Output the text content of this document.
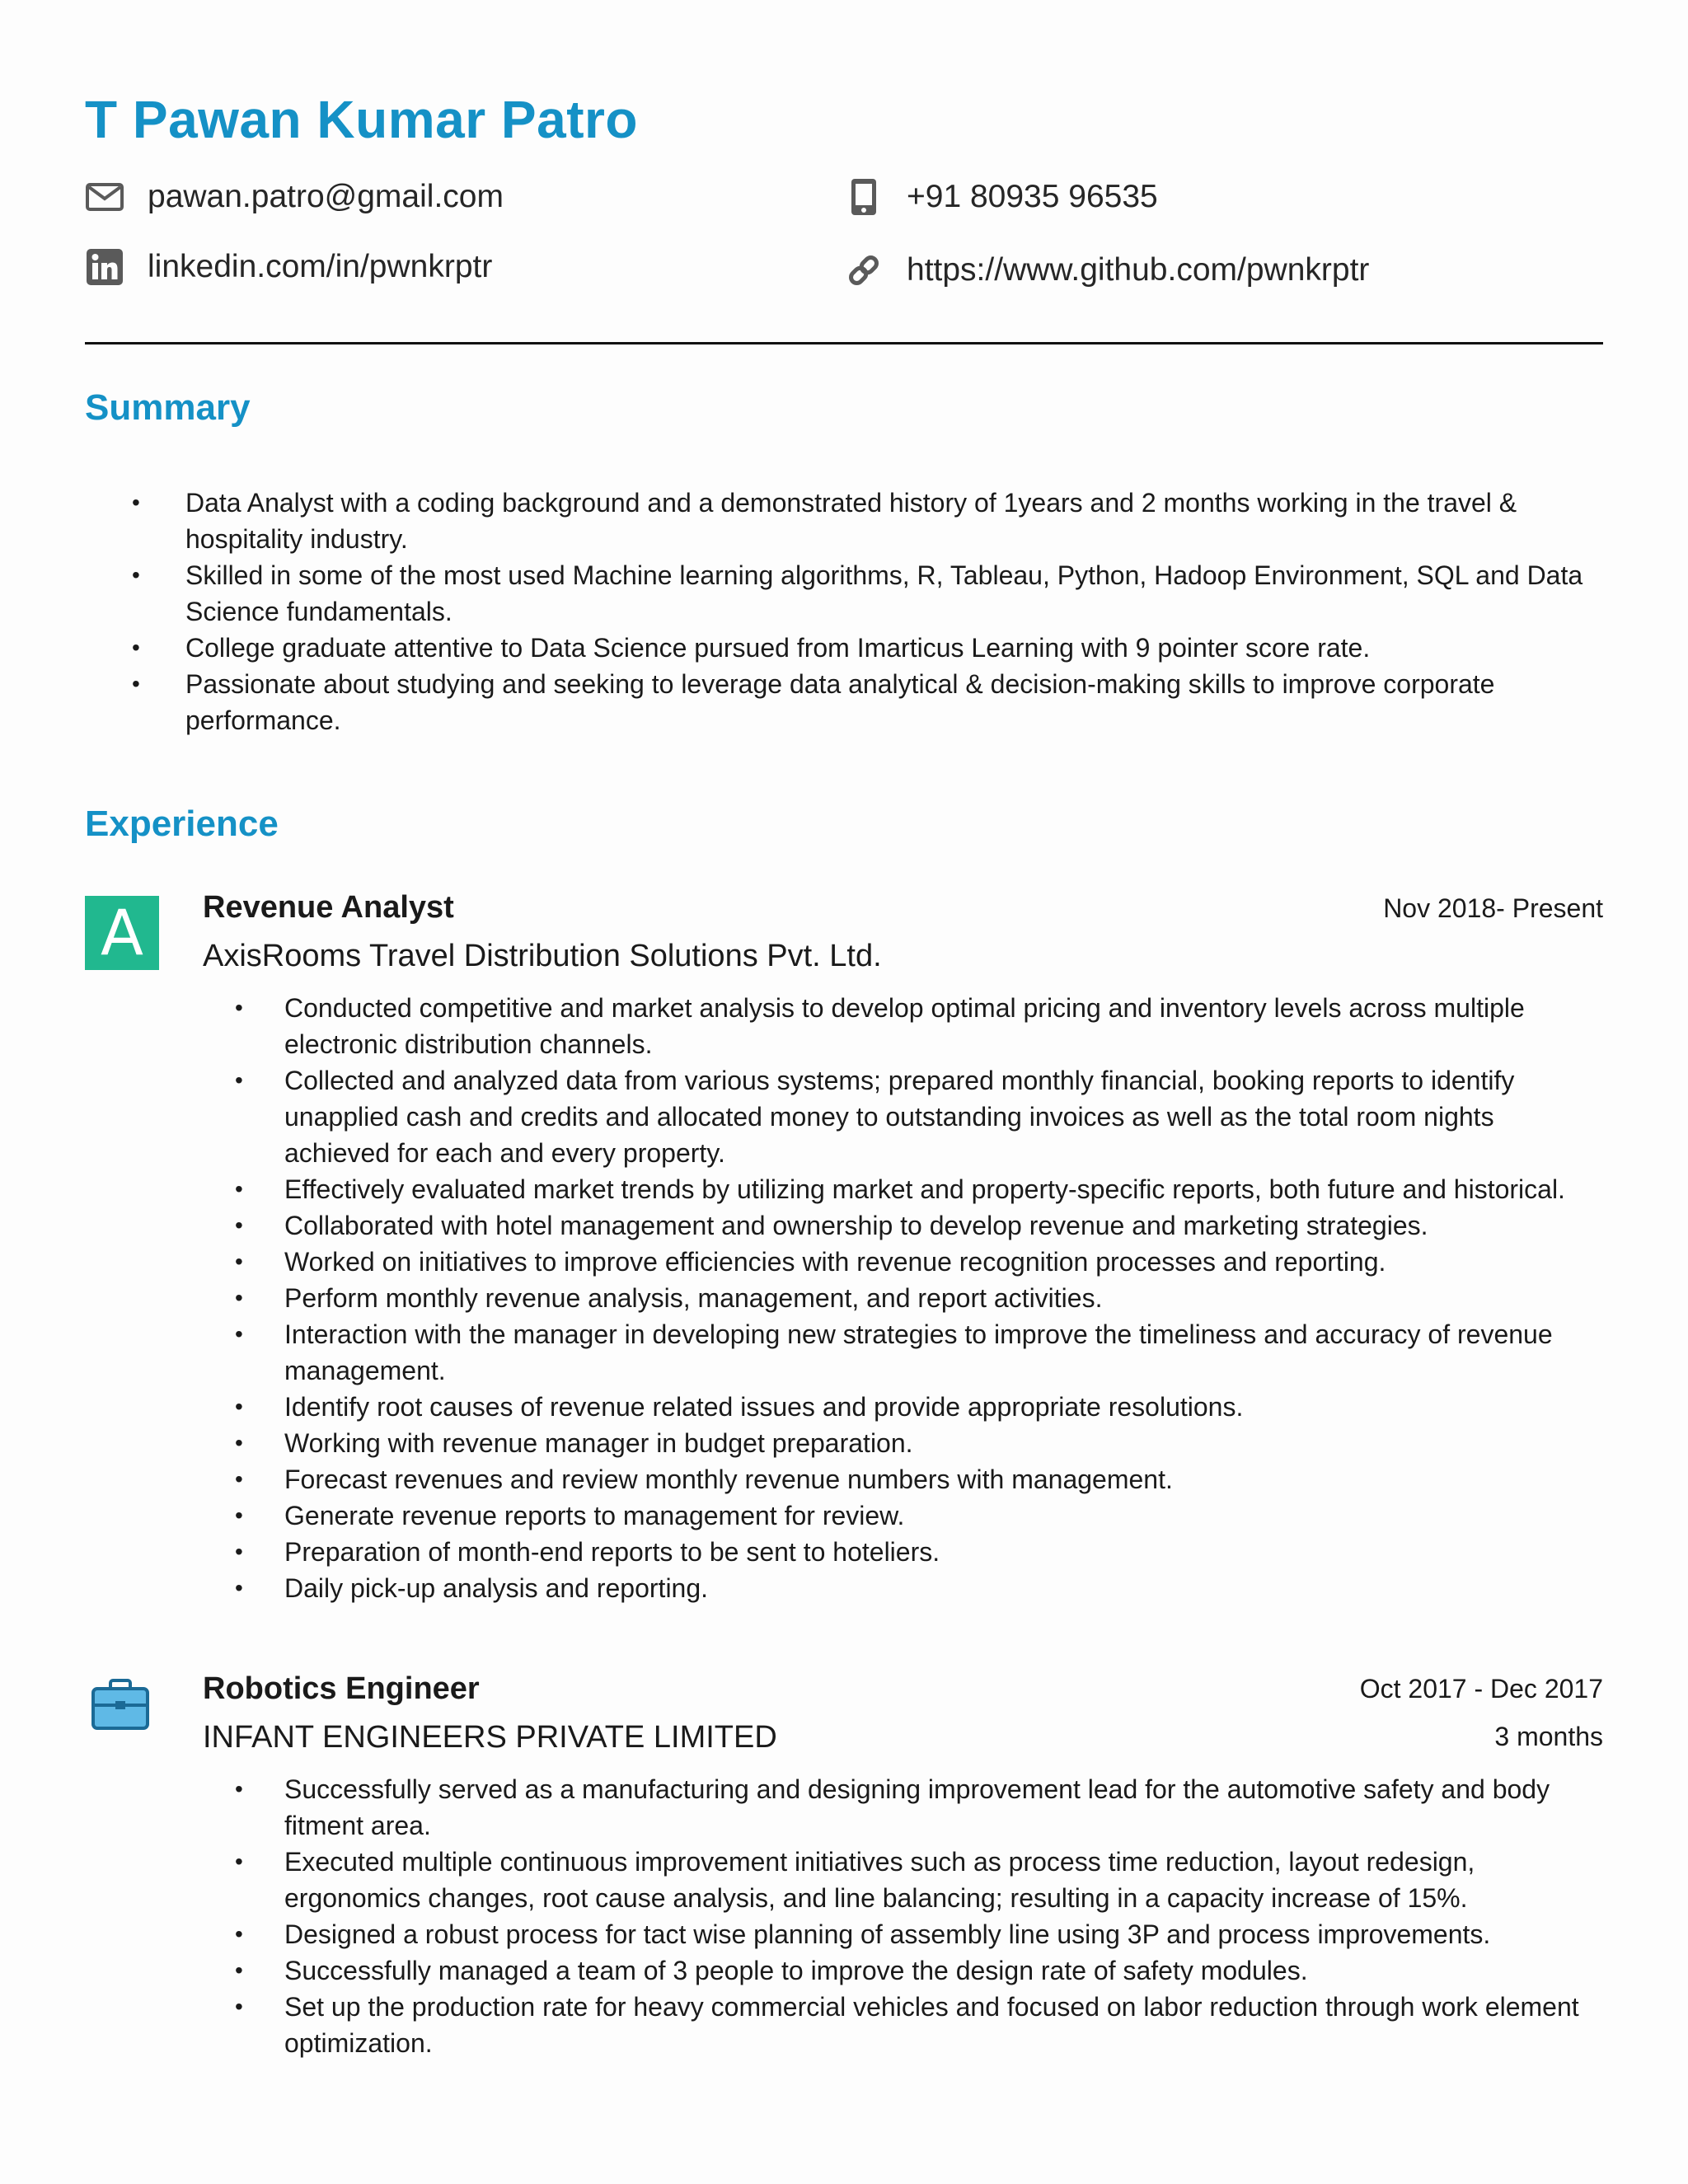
T Pawan Kumar Patro
pawan.patro@gmail.com	+91 80935 96535
linkedin.com/in/pwnkrptr	https://www.github.com/pwnkrptr
Summary
• Data Analyst with a coding background and a demonstrated history of 1years and 2 months working in the travel & hospitality industry.
• Skilled in some of the most used Machine learning algorithms, R, Tableau, Python, Hadoop Environment, SQL and Data Science fundamentals.
• College graduate attentive to Data Science pursued from Imarticus Learning with 9 pointer score rate.
• Passionate about studying and seeking to leverage data analytical & decision-making skills to improve corporate performance.
Experience
A	Revenue Analyst	Nov 2018- Present

AxisRooms Travel Distribution Solutions Pvt. Ltd.

• Conducted competitive and market analysis to develop optimal pricing and inventory levels across multiple electronic distribution channels.
• Collected and analyzed data from various systems; prepared monthly financial, booking reports to identify unapplied cash and credits and allocated money to outstanding invoices as well as the total room nights achieved for each and every property.
• Effectively evaluated market trends by utilizing market and property-specific reports, both future and historical.
• Collaborated with hotel management and ownership to develop revenue and marketing strategies.
• Worked on initiatives to improve efficiencies with revenue recognition processes and reporting.
• Perform monthly revenue analysis, management, and report activities.
• Interaction with the manager in developing new strategies to improve the timeliness and accuracy of revenue management.
• Identify root causes of revenue related issues and provide appropriate resolutions.
• Working with revenue manager in budget preparation.
• Forecast revenues and review monthly revenue numbers with management.
• Generate revenue reports to management for review.
• Preparation of month-end reports to be sent to hoteliers.
• Daily pick-up analysis and reporting.
Robotics Engineer	Oct 2017 - Dec 2017

INFANT ENGINEERS PRIVATE LIMITED	3 months

• Successfully served as a manufacturing and designing improvement lead for the automotive safety and body fitment area.
• Executed multiple continuous improvement initiatives such as process time reduction, layout redesign, ergonomics changes, root cause analysis, and line balancing; resulting in a capacity increase of 15%.
• Designed a robust process for tact wise planning of assembly line using 3P and process improvements.
• Successfully managed a team of 3 people to improve the design rate of safety modules.
• Set up the production rate for heavy commercial vehicles and focused on labor reduction through work element optimization.
